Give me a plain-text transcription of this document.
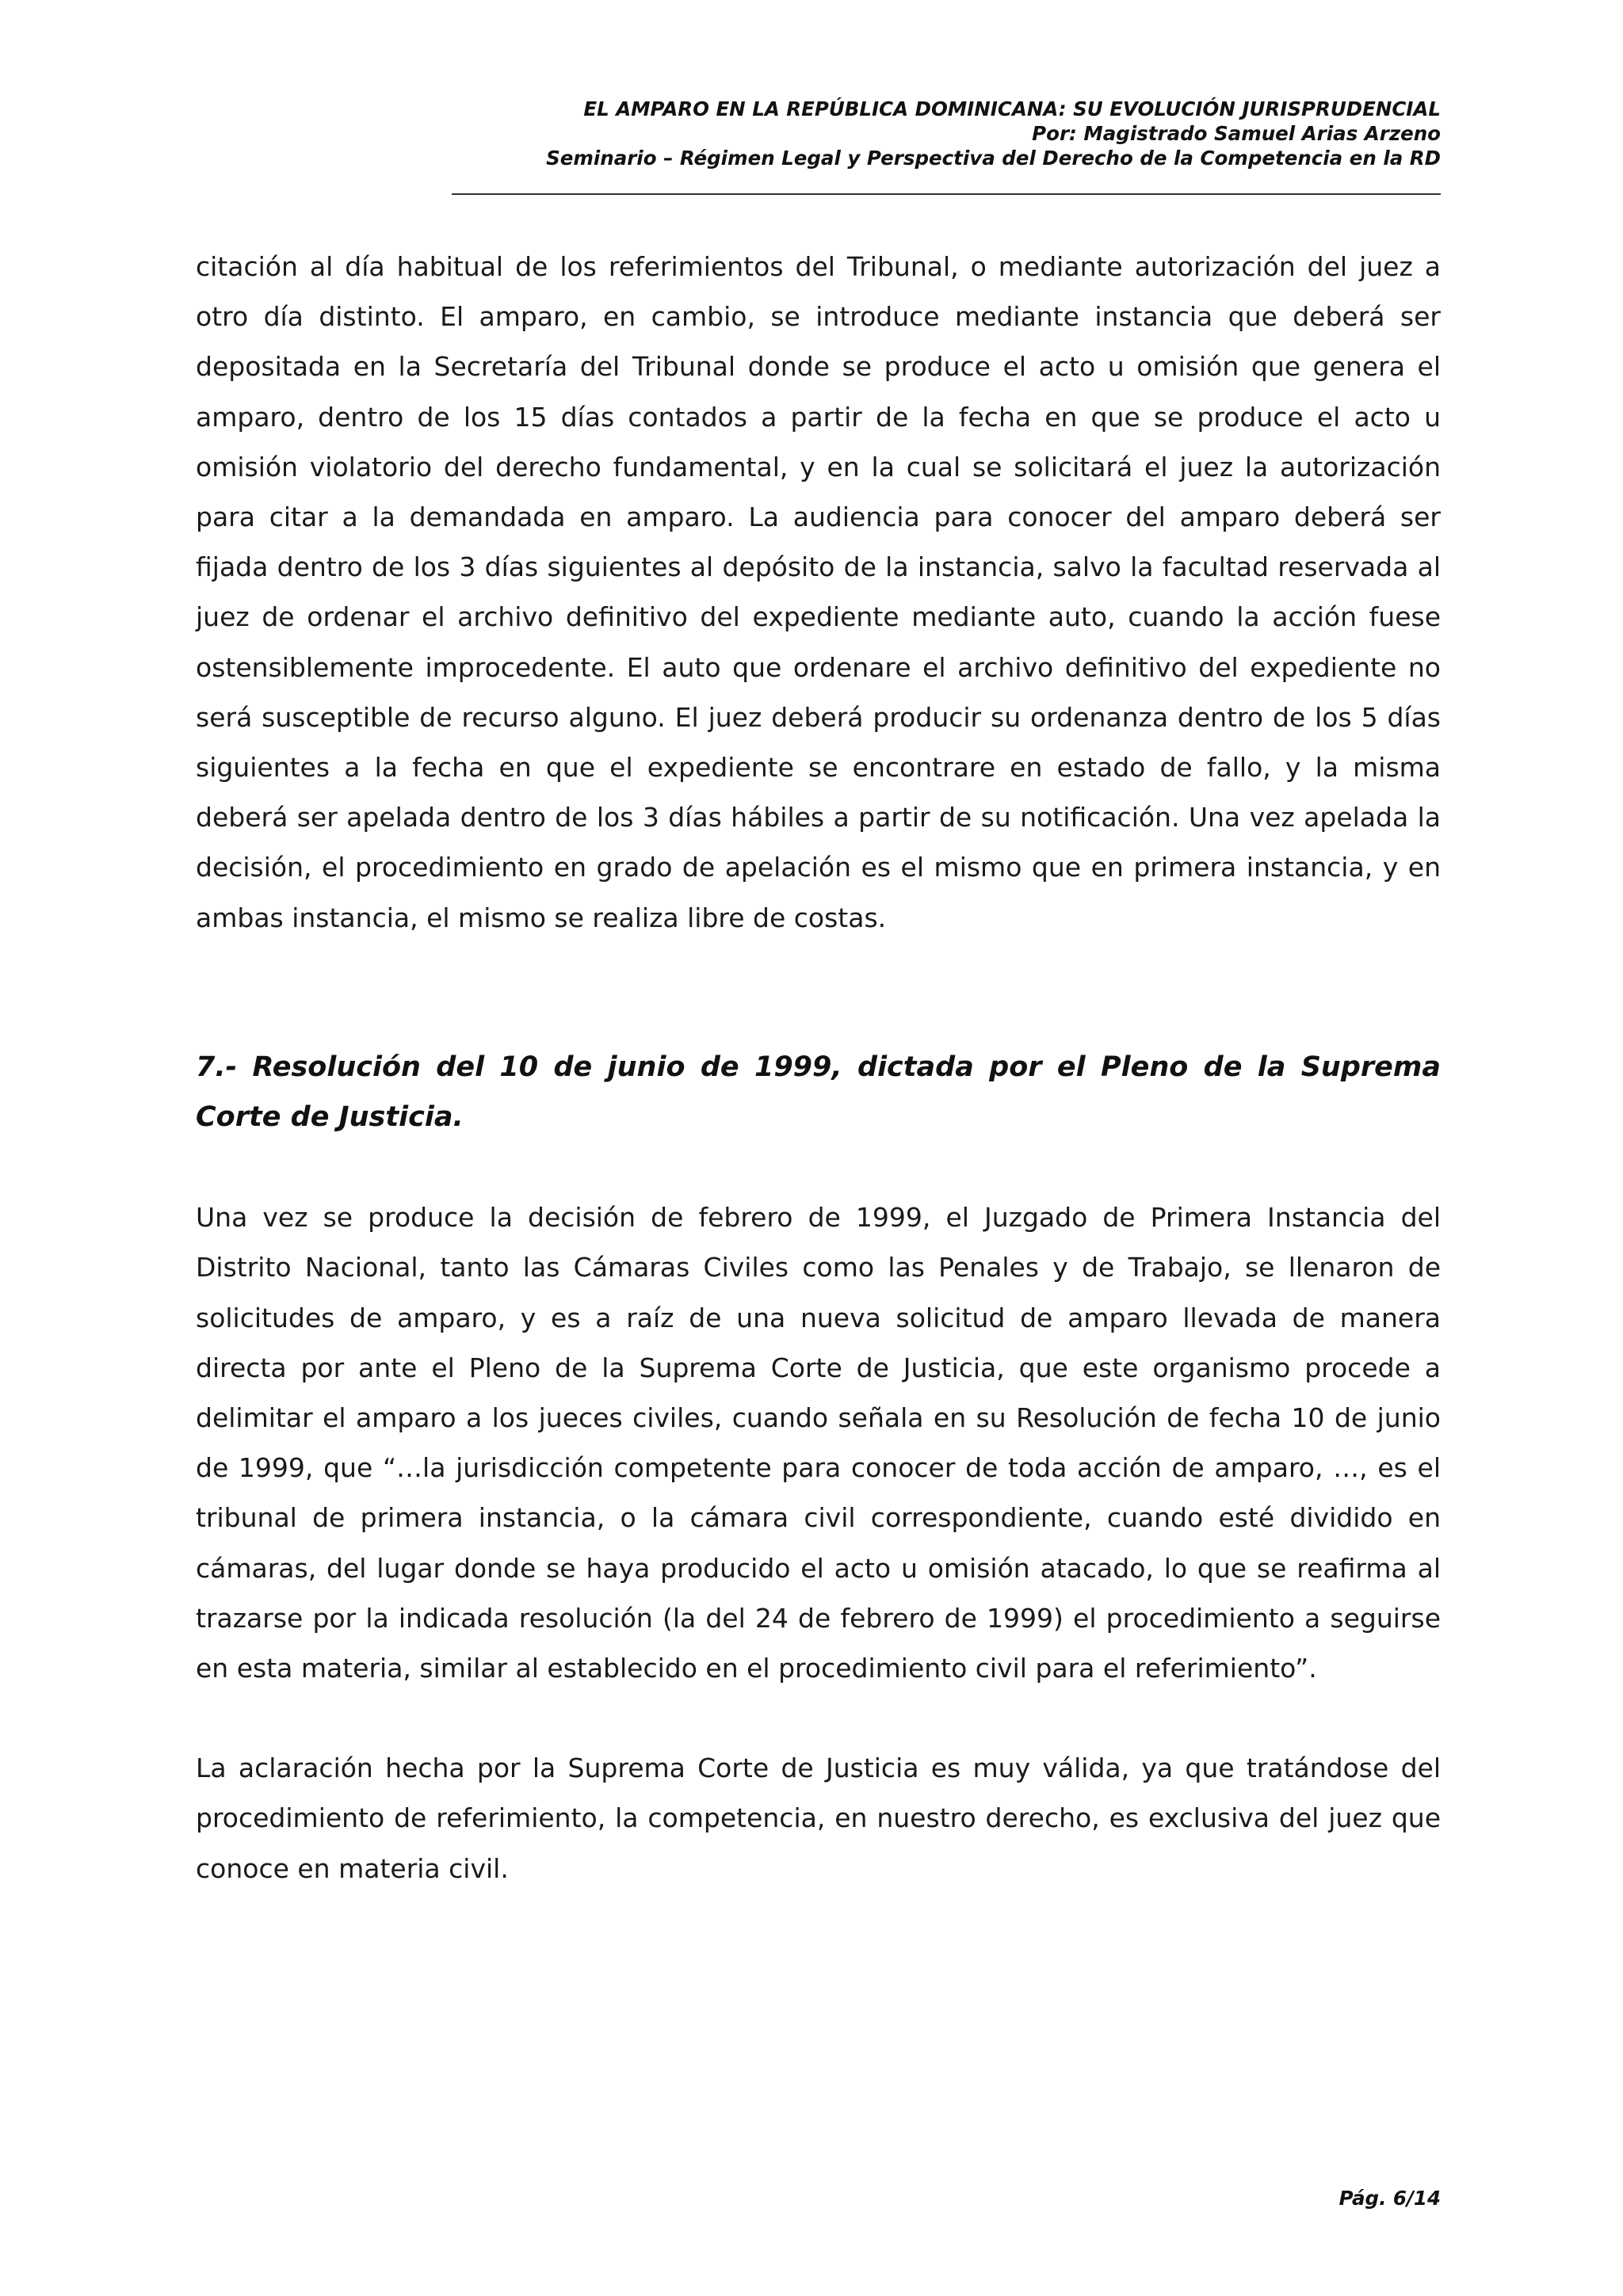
EL AMPARO EN LA REPÚBLICA DOMINICANA: SU EVOLUCIÓN JURISPRUDENCIAL
Por: Magistrado Samuel Arias Arzeno
Seminario – Régimen Legal y Perspectiva del Derecho de la Competencia en la RD

citación al día habitual de los referimientos del Tribunal, o mediante autorización del juez a otro día distinto. El amparo, en cambio, se introduce mediante instancia que deberá ser depositada en la Secretaría del Tribunal donde se produce el acto u omisión que genera el amparo, dentro de los 15 días contados a partir de la fecha en que se produce el acto u omisión violatorio del derecho fundamental, y en la cual se solicitará el juez la autorización para citar a la demandada en amparo. La audiencia para conocer del amparo deberá ser fijada dentro de los 3 días siguientes al depósito de la instancia, salvo la facultad reservada al juez de ordenar el archivo definitivo del expediente mediante auto, cuando la acción fuese ostensiblemente improcedente. El auto que ordenare el archivo definitivo del expediente no será susceptible de recurso alguno. El juez deberá producir su ordenanza dentro de los 5 días siguientes a la fecha en que el expediente se encontrare en estado de fallo, y la misma deberá ser apelada dentro de los 3 días hábiles a partir de su notificación. Una vez apelada la decisión, el procedimiento en grado de apelación es el mismo que en primera instancia, y en ambas instancia, el mismo se realiza libre de costas.

7.- Resolución del 10 de junio de 1999, dictada por el Pleno de la Suprema Corte de Justicia.

Una vez se produce la decisión de febrero de 1999, el Juzgado de Primera Instancia del Distrito Nacional, tanto las Cámaras Civiles como las Penales y de Trabajo, se llenaron de solicitudes de amparo, y es a raíz de una nueva solicitud de amparo llevada de manera directa por ante el Pleno de la Suprema Corte de Justicia, que este organismo procede a delimitar el amparo a los jueces civiles, cuando señala en su Resolución de fecha 10 de junio de 1999, que “…la jurisdicción competente para conocer de toda acción de amparo, …, es el tribunal de primera instancia, o la cámara civil correspondiente, cuando esté dividido en cámaras, del lugar donde se haya producido el acto u omisión atacado, lo que se reafirma al trazarse por la indicada resolución (la del 24 de febrero de 1999) el procedimiento a seguirse en esta materia, similar al establecido en el procedimiento civil para el referimiento”.

La aclaración hecha por la Suprema Corte de Justicia es muy válida, ya que tratándose del procedimiento de referimiento, la competencia, en nuestro derecho, es exclusiva del juez que conoce en materia civil.

Pág. 6/14
